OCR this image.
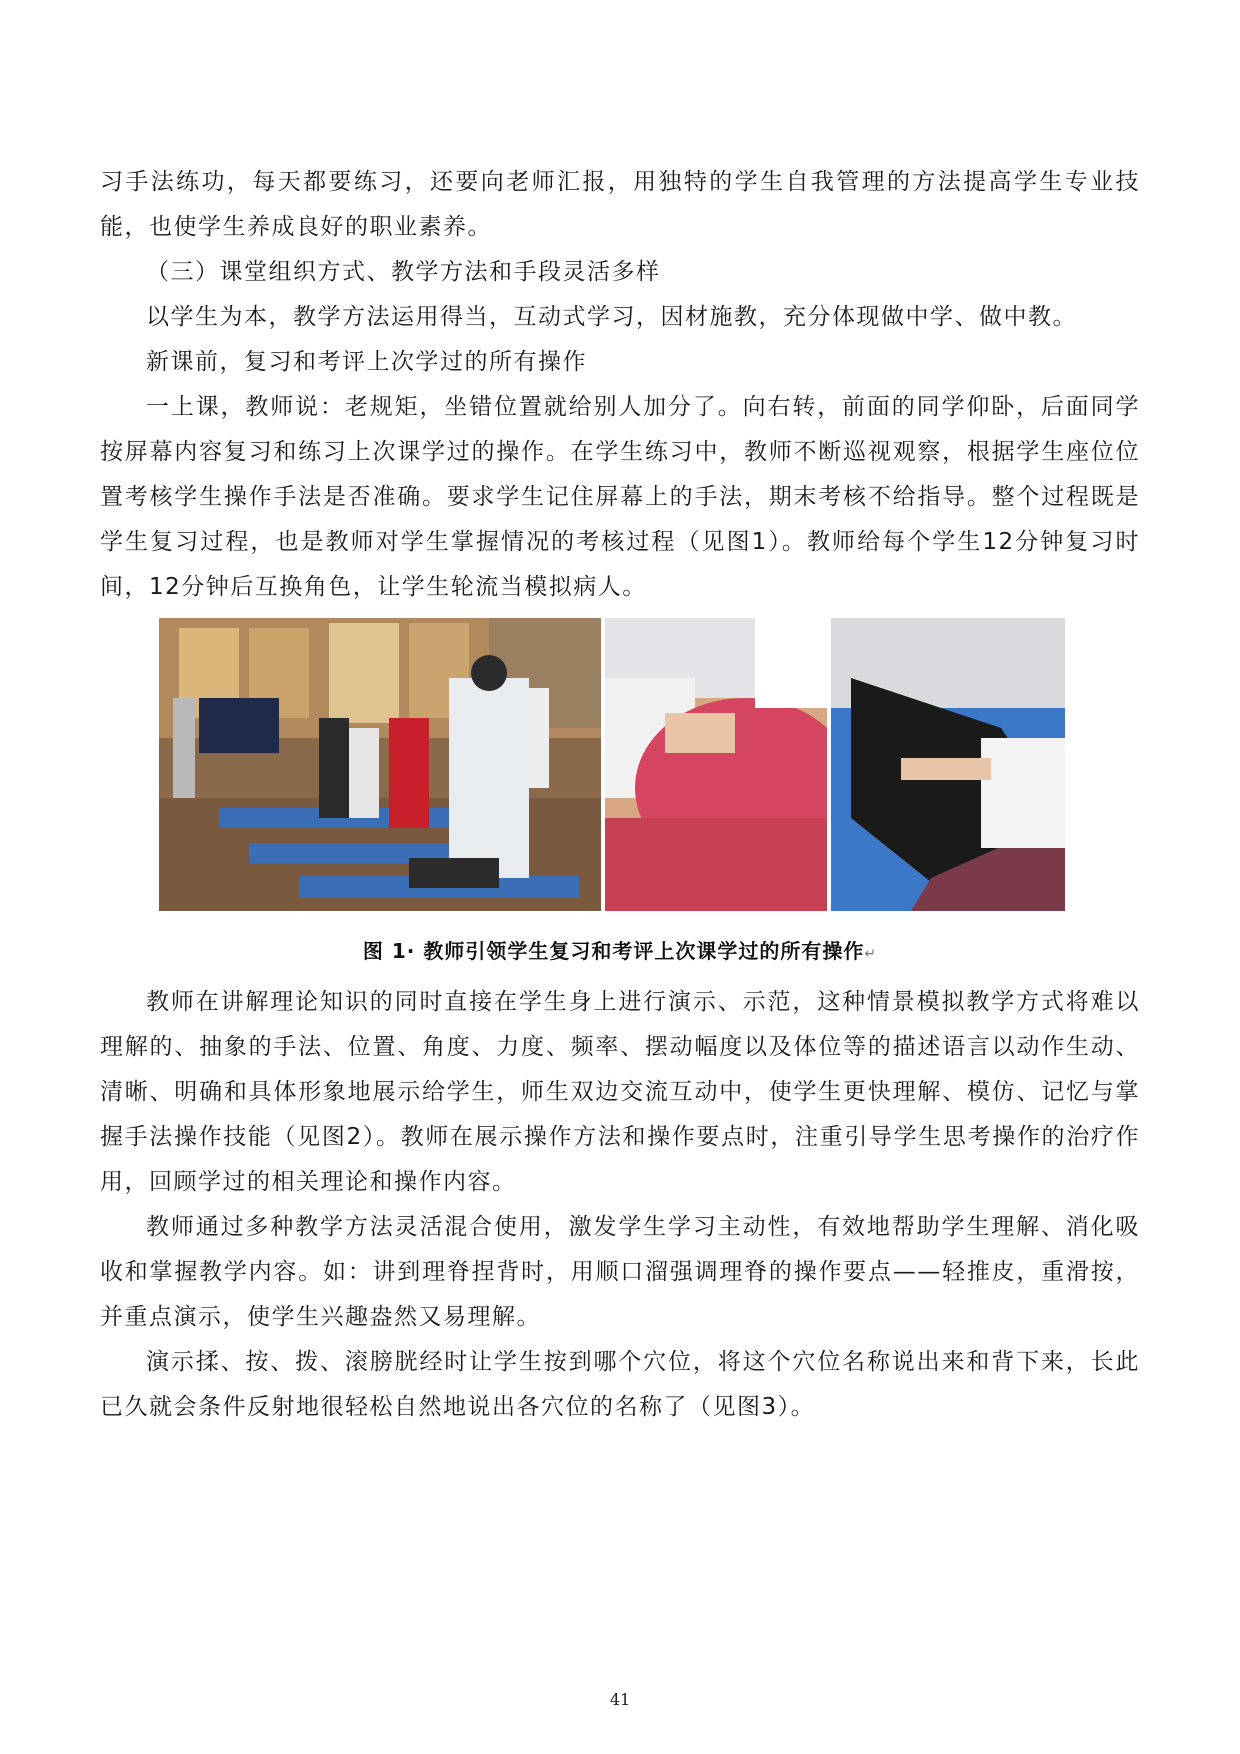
习手法练功，每天都要练习，还要向老师汇报，用独特的学生自我管理的方法提高学生专业技能，也使学生养成良好的职业素养。

（三）课堂组织方式、教学方法和手段灵活多样

以学生为本，教学方法运用得当，互动式学习，因材施教，充分体现做中学、做中教。

新课前，复习和考评上次学过的所有操作

一上课，教师说：老规矩，坐错位置就给别人加分了。向右转，前面的同学仰卧，后面同学按屏幕内容复习和练习上次课学过的操作。在学生练习中，教师不断巡视观察，根据学生座位位置考核学生操作手法是否准确。要求学生记住屏幕上的手法，期末考核不给指导。整个过程既是学生复习过程，也是教师对学生掌握情况的考核过程（见图1）。教师给每个学生12分钟复习时间，12分钟后互换角色，让学生轮流当模拟病人。

图 1· 教师引领学生复习和考评上次课学过的所有操作↵

教师在讲解理论知识的同时直接在学生身上进行演示、示范，这种情景模拟教学方式将难以理解的、抽象的手法、位置、角度、力度、频率、摆动幅度以及体位等的描述语言以动作生动、清晰、明确和具体形象地展示给学生，师生双边交流互动中，使学生更快理解、模仿、记忆与掌握手法操作技能（见图2）。教师在展示操作方法和操作要点时，注重引导学生思考操作的治疗作用，回顾学过的相关理论和操作内容。

教师通过多种教学方法灵活混合使用，激发学生学习主动性，有效地帮助学生理解、消化吸收和掌握教学内容。如：讲到理脊捏背时，用顺口溜强调理脊的操作要点——轻推皮，重滑按，并重点演示，使学生兴趣盎然又易理解。

演示揉、按、拨、滚膀胱经时让学生按到哪个穴位，将这个穴位名称说出来和背下来，长此已久就会条件反射地很轻松自然地说出各穴位的名称了（见图3）。

41
